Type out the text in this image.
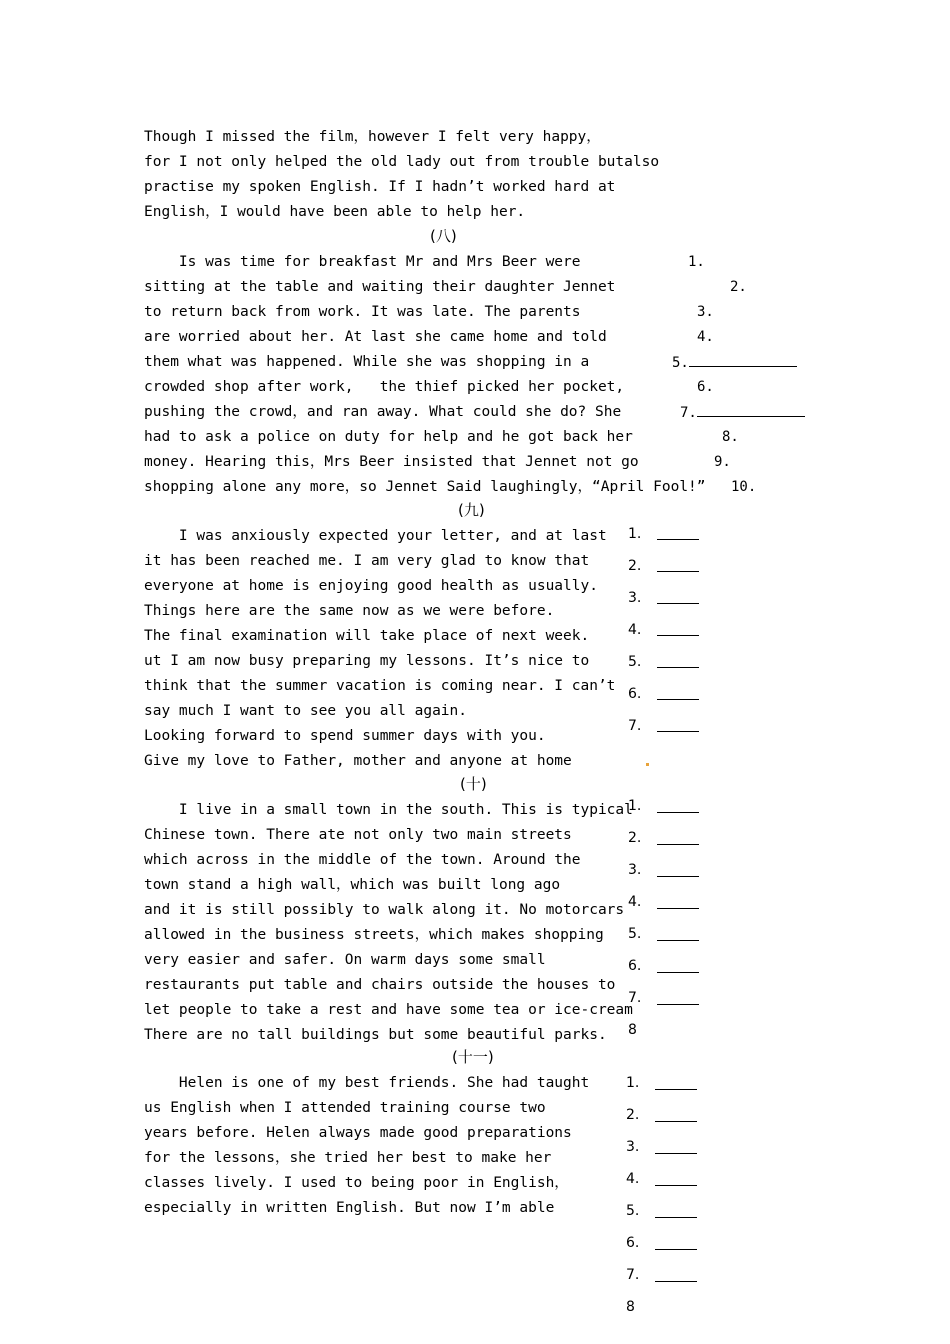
Though I missed the film，however I felt very happy，
for I not only helped the old lady out from trouble butalso
practise my spoken English. If I hadn’t worked hard at
English，I would have been able to help her.
(八)
Is was time for breakfast Mr and Mrs Beer were
sitting at the table and waiting their daughter Jennet
to return back from work. It was late. The parents
are worried about her. At last she came home and told
them what was happened. While she was shopping in a
crowded shop after work,   the thief picked her pocket,
pushing the crowd，and ran away. What could she do? She
had to ask a police on duty for help and he got back her
money. Hearing this，Mrs Beer insisted that Jennet not go
shopping alone any more，so Jennet Said laughingly，“April Fool!”
1.
2.
3.
4.
5.
6.
7.
8.
9.
10.
(九)
I was anxiously expected your letter, and at last
it has been reached me. I am very glad to know that
everyone at home is enjoying good health as usually.
Things here are the same now as we were before.
The final examination will take place of next week.
ut I am now busy preparing my lessons. It’s nice to
think that the summer vacation is coming near. I can’t
say much I want to see you all again.
Looking forward to spend summer days with you.
Give my love to Father, mother and anyone at home
1.
2.
3.
4.
5.
6.
7.
(十)
I live in a small town in the south. This is typical
Chinese town. There ate not only two main streets
which across in the middle of the town. Around the
town stand a high wall，which was built long ago
and it is still possibly to walk along it. No motorcars
allowed in the business streets，which makes shopping
very easier and safer. On warm days some small
restaurants put table and chairs outside the houses to
let people to take a rest and have some tea or ice-cream
There are no tall buildings but some beautiful parks.
1.
2.
3.
4.
5.
6.
7.
8
(十一)
Helen is one of my best friends. She had taught
us English when I attended training course two
years before. Helen always made good preparations
for the lessons，she tried her best to make her
classes lively. I used to being poor in English，
especially in written English. But now I’m able
1.
2.
3.
4.
5.
6.
7.
8
